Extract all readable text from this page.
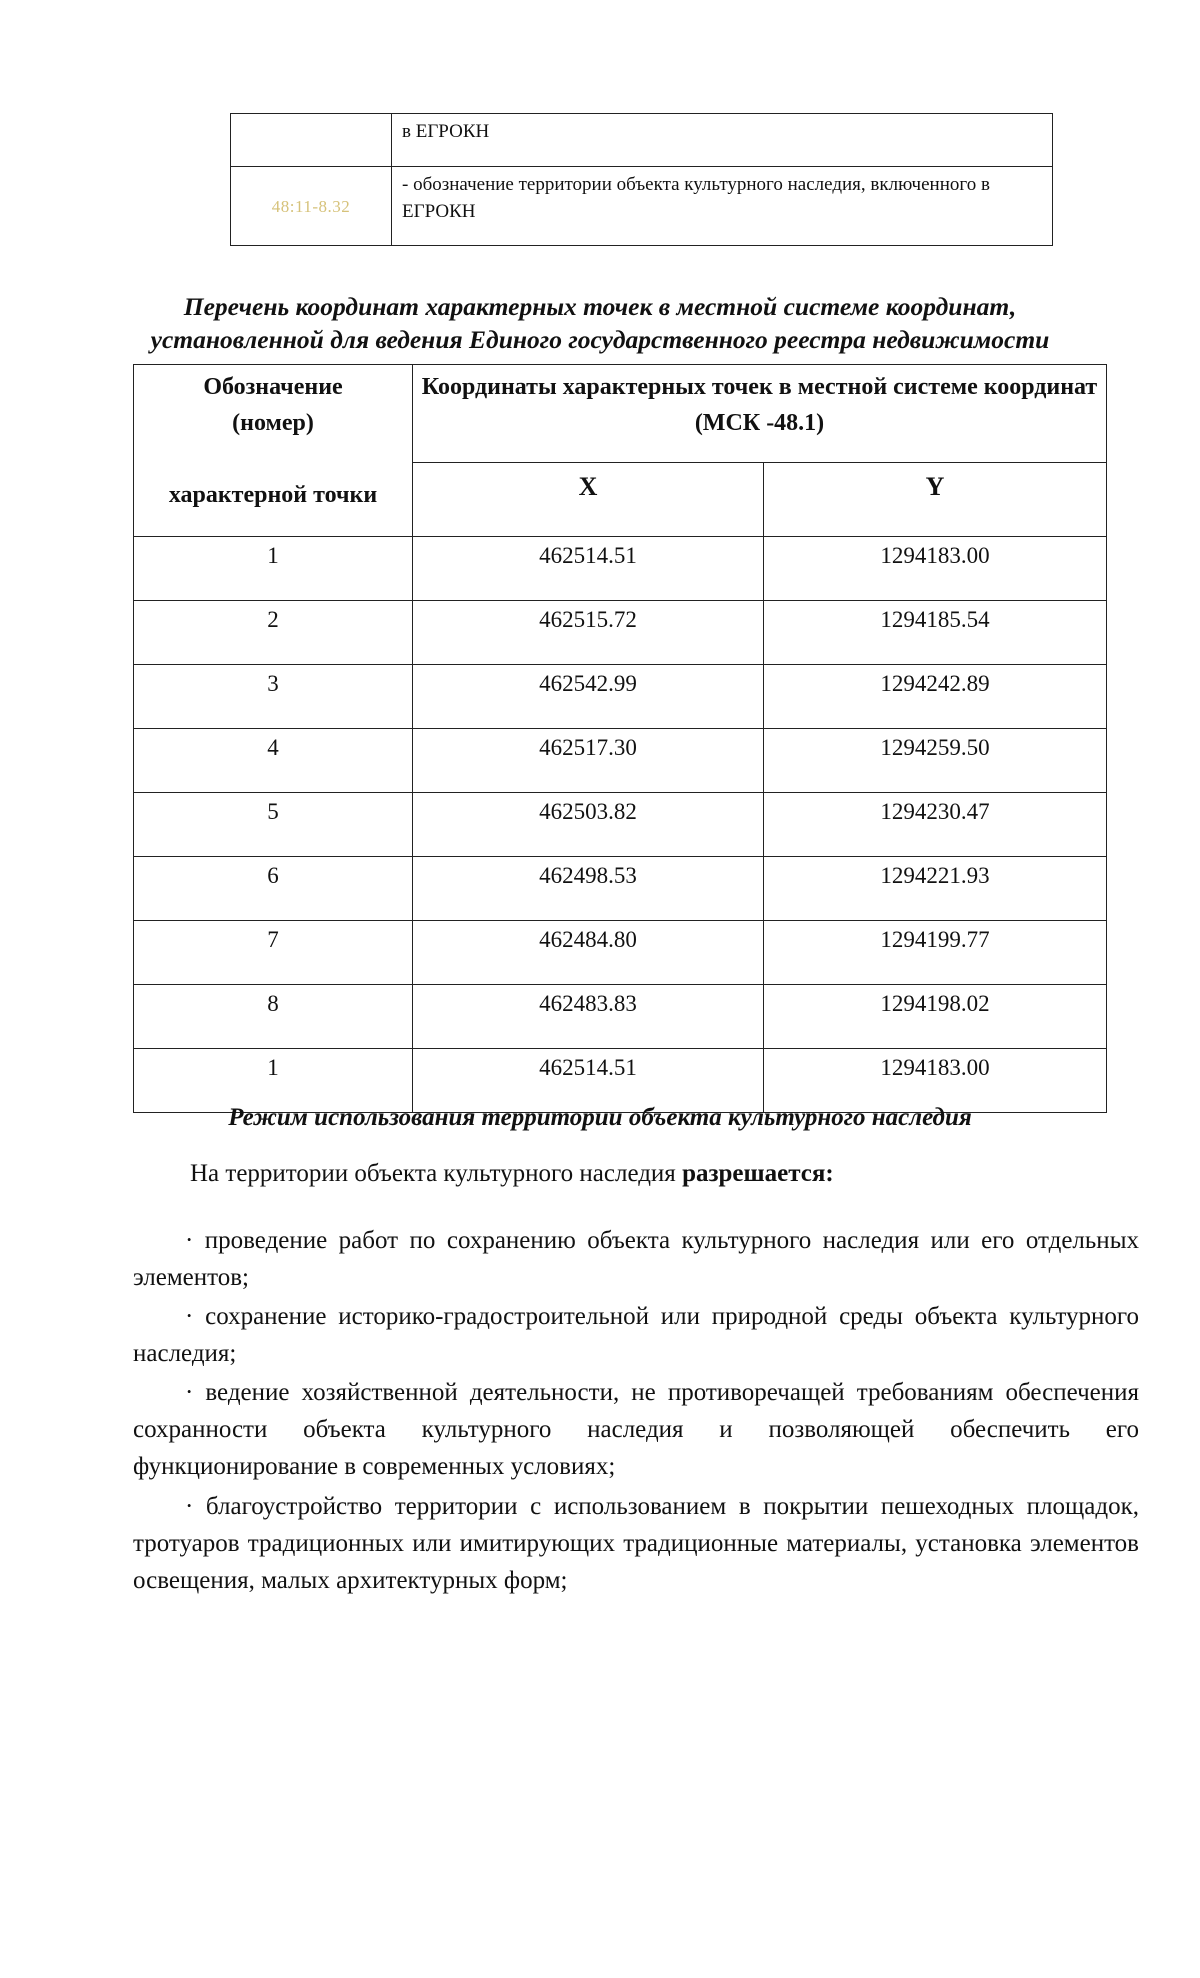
	в ЕГРОКН
48:11-8.32	- обозначение территории объекта культурного наследия, включенного в ЕГРОКН
Перечень координат характерных точек в местной системе координат,
установленной для ведения Единого государственного реестра недвижимости
Обозначение
(номер)
характерной точки	Координаты характерных точек в местной системе координат (МСК -48.1)	
	X	Y
1	462514.51	1294183.00
2	462515.72	1294185.54
3	462542.99	1294242.89
4	462517.30	1294259.50
5	462503.82	1294230.47
6	462498.53	1294221.93
7	462484.80	1294199.77
8	462483.83	1294198.02
1	462514.51	1294183.00
Режим использования территории объекта культурного наследия
На территории объекта культурного наследия разрешается:

· проведение работ по сохранению объекта культурного наследия или его отдельных элементов;

· сохранение историко-градостроительной или природной среды объекта культурного наследия;

· ведение хозяйственной деятельности, не противоречащей требованиям обеспечения сохранности объекта культурного наследия и позволяющей обеспечить его функционирование в современных условиях;

· благоустройство территории с использованием в покрытии пешеходных площадок, тротуаров традиционных или имитирующих традиционные материалы, установка элементов освещения, малых архитектурных форм;
